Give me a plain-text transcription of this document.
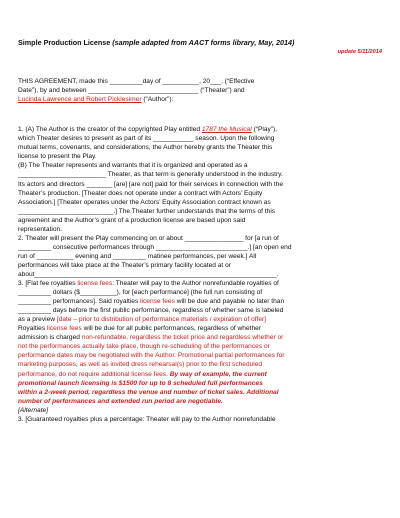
Simple Production License (sample adapted from AACT forms library, May, 2014)
update 5/11/2014

THIS AGREEMENT, made this _________day of __________, 20___, (“Effective

Date”), by and between ______________________________ (“Theater”) and

Lucinda Lawrence and Robert Picklesimer (“Author”):

1. (A) The Author is the creator of the copyrighted Play entitled 1787 the Musical (“Play”),

which Theater desires to present as part of its ___________ season. Upon the following

mutual terms, covenants, and considerations, the Author hereby grants the Theater this

license to present the Play.

(B) The Theater represents and warrants that it is organized and operated as a

________________________ Theater, as that term is generally understood in the industry.

Its actors and directors _______ [are] [are not] paid for their services in connection with the

Theater’s production. [Theater does not operate under a contract with Actors’ Equity

Association.] [Theater operates under the Actors’ Equity Association contract known as

__________________________.] The Theater further understands that the terms of this

agreement and the Author’s grant of a production license are based upon said

representation.

2. Theater will present the Play commencing on or about ________________ for [a run of

_________ consecutive performances through _________________________.] [an open end

run of __________ evening and _________ matinee performances, per week.] All

performances will take place at the Theater’s primary facility located at or

about__________________________________________________________________.

3. [Flat fee royalties license fees: Theater will pay to the Author nonrefundable royalties of

_________ dollars ($__________), for [each performance] {the full run consisting of

_________ performances]. Said royalties license fees will be due and payable no later than

_________ days before the first public performance, regardless of whether same is labeled

as a preview [date – prior to distribution of performance materials / expiration of offer]

Royalties license fees will be due for all public performances, regardless of whether

admission is charged non-refundable, regardless the ticket price and regardless whether or

not the performances actually take place, though re-scheduling of the performances or

performance dates may be negotiated with the Author. Promotional partial performances for

marketing purposes, as well as invited dress rehearsal(s) prior to the first scheduled

performance, do not require additional license fees. By way of example, the current

promotional launch licensing is $1500 for up to 8 scheduled full performances

within a 2-week period, regardless the venue and number of ticket sales. Additional

number of performances and extended run period are negotiable.

[Alternate]

3. [Guaranteed royalties plus a percentage: Theater will pay to the Author nonrefundable
